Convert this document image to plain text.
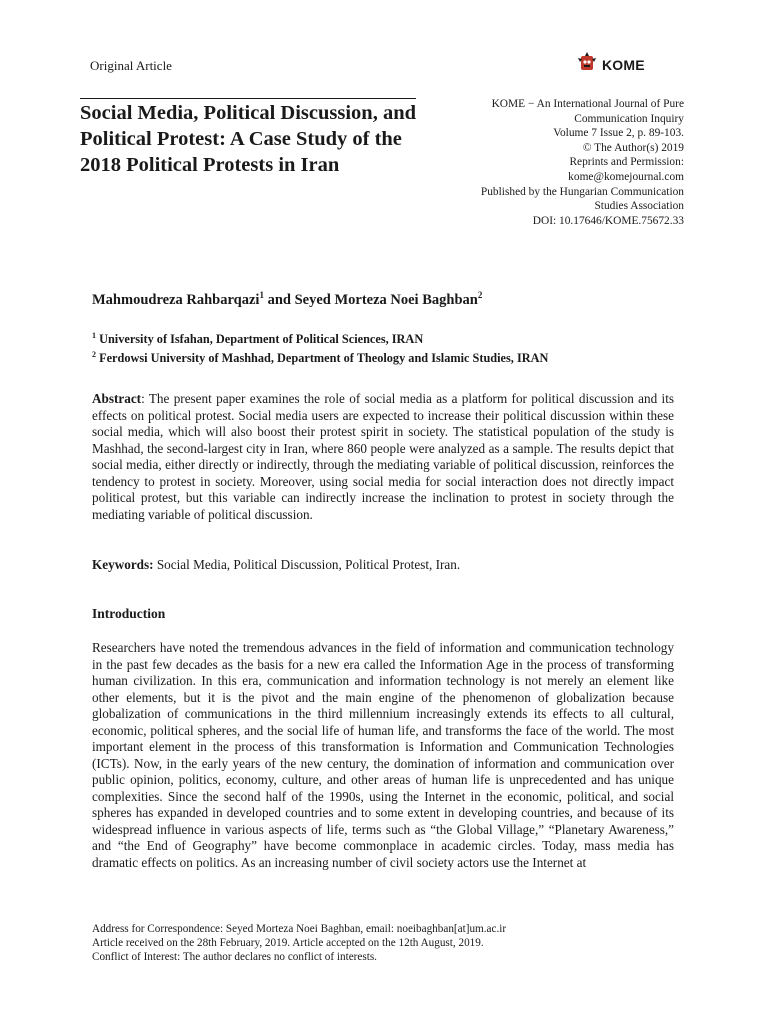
Original Article	KOME
Social Media, Political Discussion, and Political Protest: A Case Study of the 2018 Political Protests in Iran
KOME − An International Journal of Pure
Communication Inquiry
Volume 7 Issue 2, p. 89-103.
© The Author(s) 2019
Reprints and Permission:
kome@komejournal.com
Published by the Hungarian Communication
Studies Association
DOI: 10.17646/KOME.75672.33
Mahmoudreza Rahbarqazi$^1$ and Seyed Morteza Noei Baghban$^2$
$^1$ University of Isfahan, Department of Political Sciences, IRAN
$^2$ Ferdowsi University of Mashhad, Department of Theology and Islamic Studies, IRAN

Abstract: The present paper examines the role of social media as a platform for political discussion and its effects on political protest. Social media users are expected to increase their political discussion within these social media, which will also boost their protest spirit in society. The statistical population of the study is Mashhad, the second-largest city in Iran, where 860 people were analyzed as a sample. The results depict that social media, either directly or indirectly, through the mediating variable of political discussion, reinforces the tendency to protest in society. Moreover, using social media for social interaction does not directly impact political protest, but this variable can indirectly increase the inclination to protest in society through the mediating variable of political discussion.

Keywords: Social Media, Political Discussion, Political Protest, Iran.

Introduction

Researchers have noted the tremendous advances in the field of information and communication technology in the past few decades as the basis for a new era called the Information Age in the process of transforming human civilization. In this era, communication and information technology is not merely an element like other elements, but it is the pivot and the main engine of the phenomenon of globalization because globalization of communications in the third millennium increasingly extends its effects to all cultural, economic, political spheres, and the social life of human life, and transforms the face of the world. The most important element in the process of this transformation is Information and Communication Technologies (ICTs). Now, in the early years of the new century, the domination of information and communication over      public opinion, politics, economy, culture, and other areas of human life is unprecedented and has unique complexities. Since the second half of the 1990s, using the Internet in the economic, political, and social spheres has expanded in developed countries and to some extent in developing countries, and because of its widespread influence in various aspects of life, terms such as “the Global Village,” “Planetary Awareness,” and “the End of Geography” have become commonplace in academic circles. Today, mass media has dramatic effects on politics. As an increasing number of civil society actors use the Internet at

Address for Correspondence: Seyed Morteza Noei Baghban, email: noeibaghban[at]um.ac.ir
Article received on the 28th February, 2019. Article accepted on the 12th August, 2019.
Conflict of Interest: The author declares no conflict of interests.
